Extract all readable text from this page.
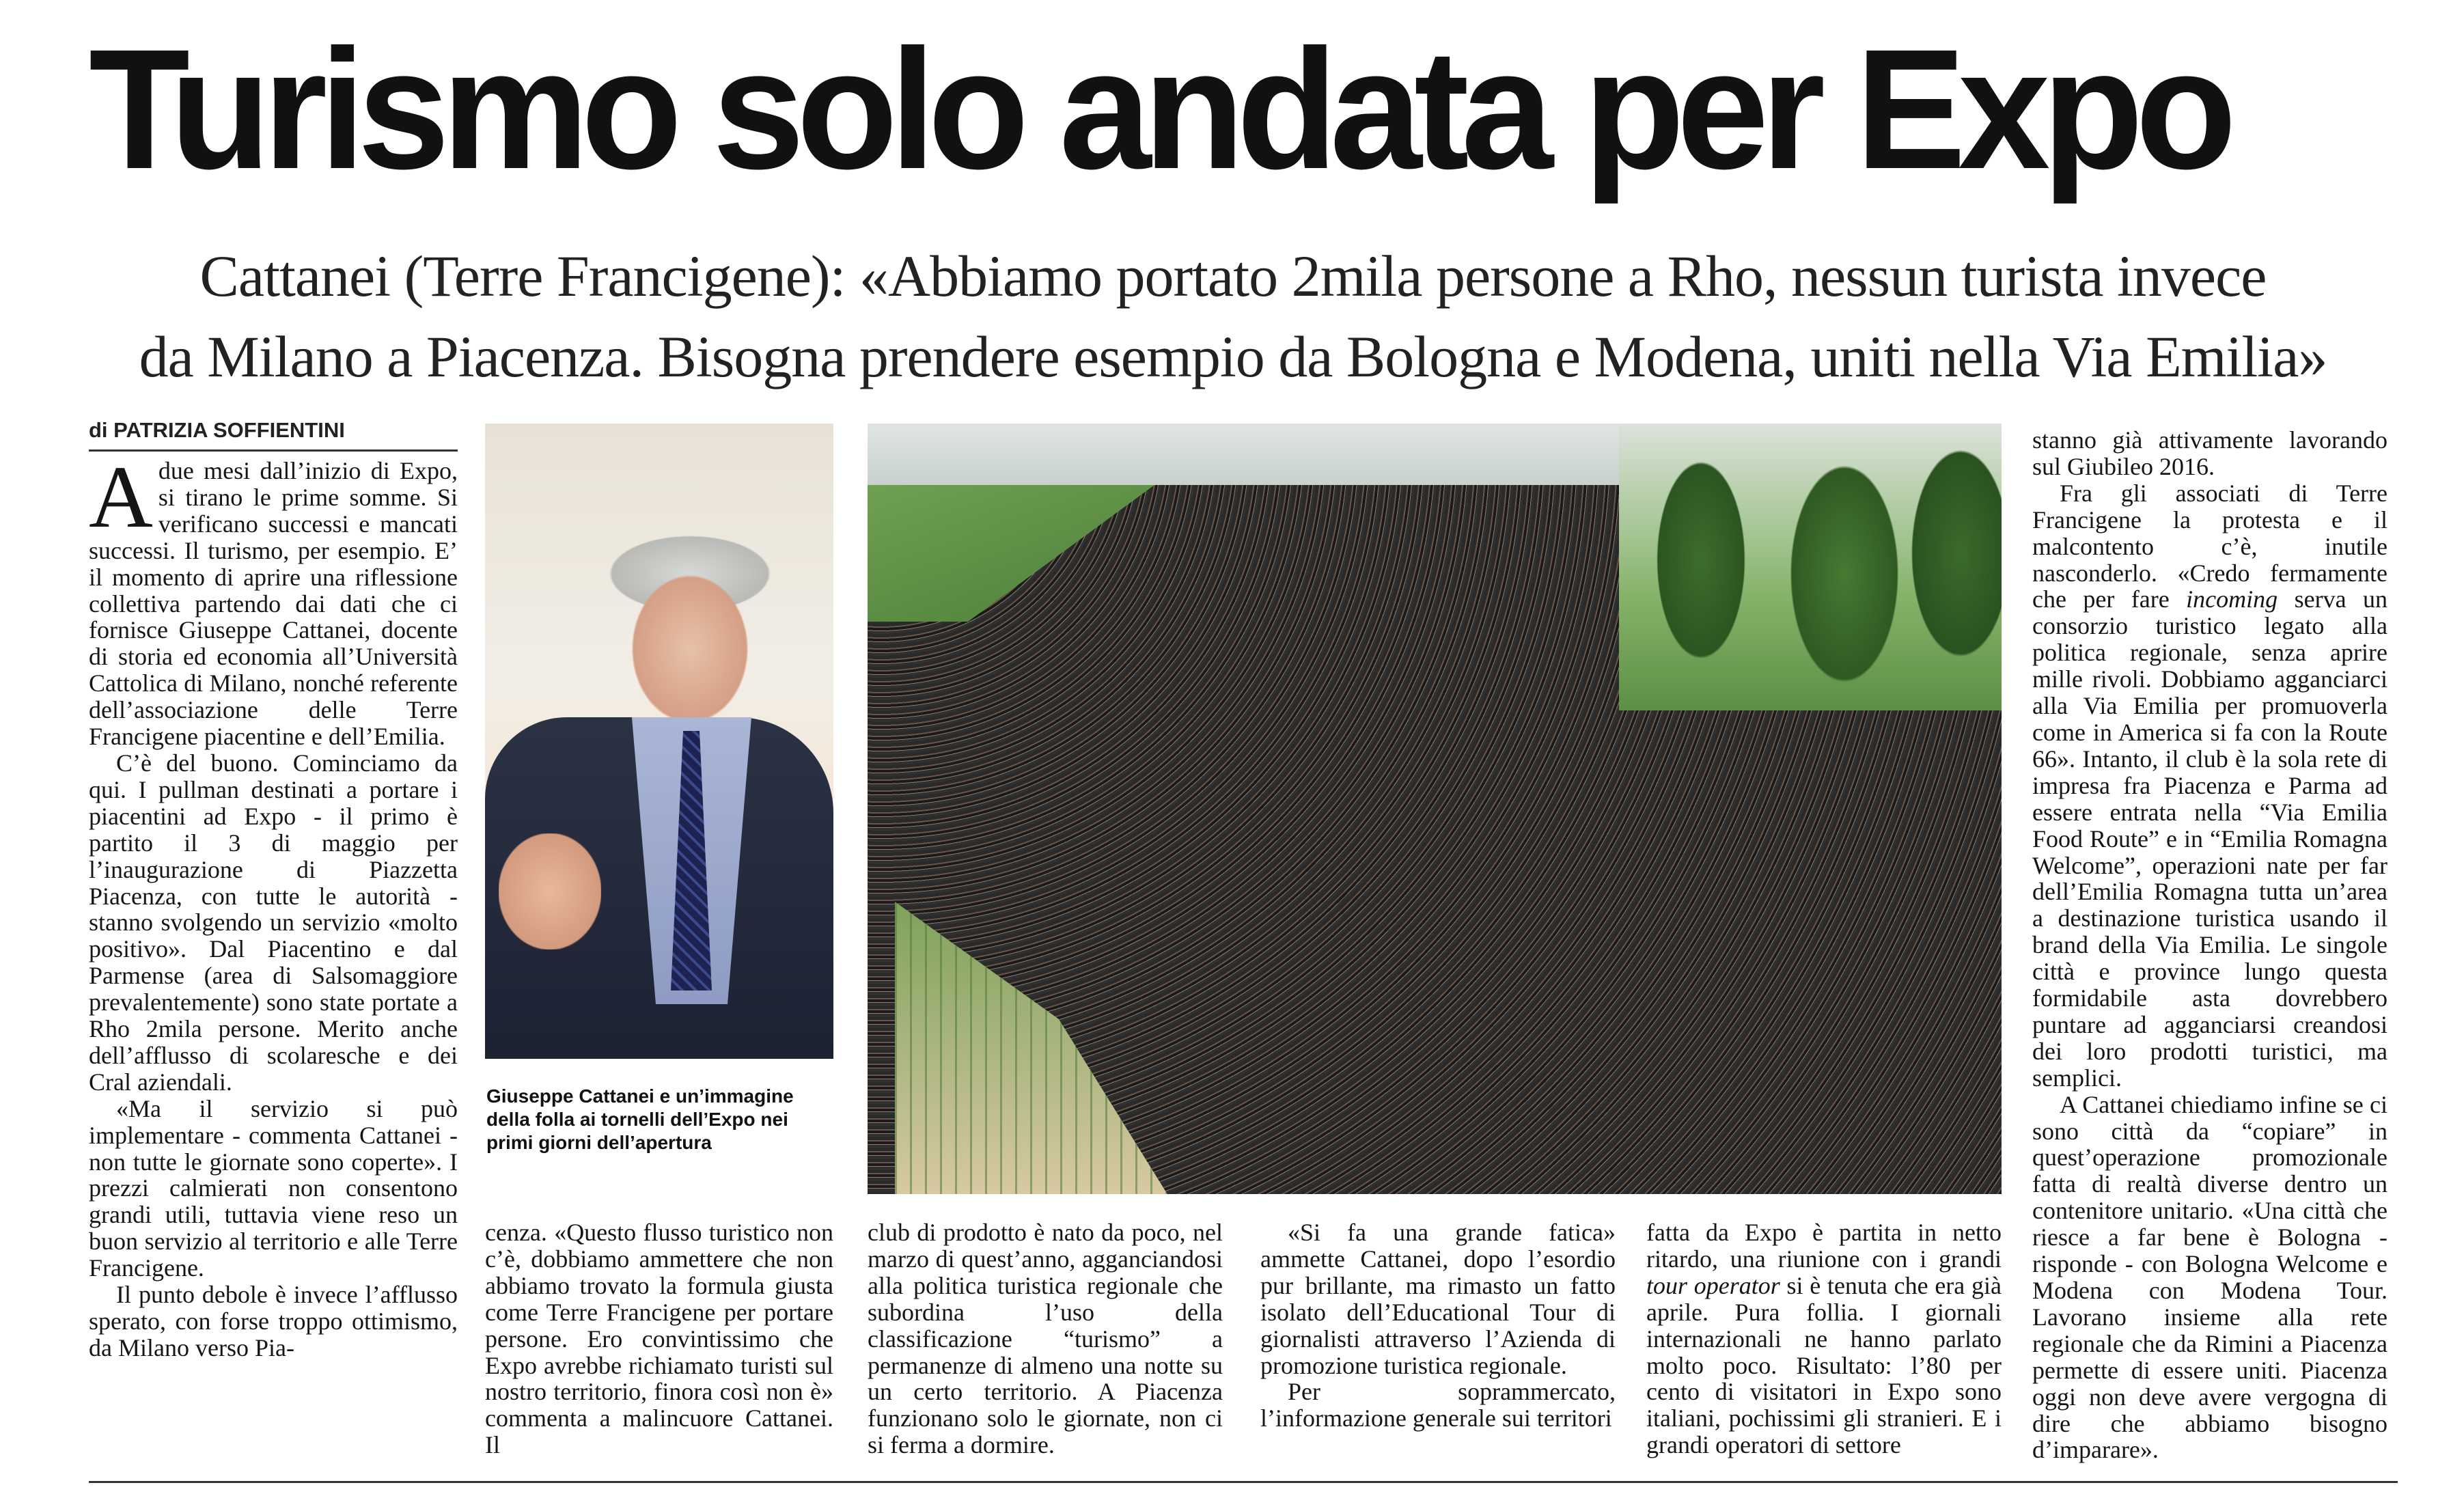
Turismo solo andata per Expo
Cattanei (Terre Francigene): «Abbiamo portato 2mila persone a Rho, nessun turista invece
da Milano a Piacenza. Bisogna prendere esempio da Bologna e Modena, uniti nella Via Emilia»
di PATRIZIA SOFFIENTINI

Adue mesi dall’inizio di Expo, si tirano le prime somme. Si verificano successi e mancati successi. Il turismo, per esempio. E’ il momento di aprire una riflessione collettiva partendo dai dati che ci fornisce Giuseppe Cattanei, docente di storia ed economia all’Università Cattolica di Milano, nonché referente dell’associazione delle Terre Francigene piacentine e dell’Emilia.

C’è del buono. Cominciamo da qui. I pullman destinati a portare i piacentini ad Expo - il primo è partito il 3 di maggio per l’inaugurazione di Piazzetta Piacenza, con tutte le autorità - stanno svolgendo un servizio «molto positivo». Dal Piacentino e dal Parmense (area di Salsomaggiore prevalentemente) sono state portate a Rho 2mila persone. Merito anche dell’afflusso di scolaresche e dei Cral aziendali.

«Ma il servizio si può implementare - commenta Cattanei - non tutte le giornate sono coperte». I prezzi calmierati non consentono grandi utili, tuttavia viene reso un buon servizio al territorio e alle Terre Francigene.

Il punto debole è invece l’afflusso sperato, con forse troppo ottimismo, da Milano verso Pia-

Giuseppe Cattanei e un’immagine della folla ai tornelli dell’Expo nei primi giorni dell’apertura

cenza. «Questo flusso turistico non c’è, dobbiamo ammettere che non abbiamo trovato la formula giusta come Terre Francigene per portare persone. Ero convintissimo che Expo avrebbe richiamato turisti sul nostro territorio, finora così non è» commenta a malincuore Cattanei. Il

club di prodotto è nato da poco, nel marzo di quest’anno, agganciandosi alla politica turistica regionale che subordina l’uso della classificazione “turismo” a permanenze di almeno una notte su un certo territorio. A Piacenza funzionano solo le giornate, non ci si ferma a dormire.

«Si fa una grande fatica» ammette Cattanei, dopo l’esordio pur brillante, ma rimasto un fatto isolato dell’Educational Tour di giornalisti attraverso l’Azienda di promozione turistica regionale.

Per soprammercato, l’informazione generale sui territori

fatta da Expo è partita in netto ritardo, una riunione con i grandi tour operator si è tenuta che era già aprile. Pura follia. I giornali internazionali ne hanno parlato molto poco. Risultato: l’80 per cento di visitatori in Expo sono italiani, pochissimi gli stranieri. E i grandi operatori di settore

stanno già attivamente lavorando sul Giubileo 2016.

Fra gli associati di Terre Francigene la protesta e il malcontento c’è, inutile nasconderlo. «Credo fermamente che per fare incoming serva un consorzio turistico legato alla politica regionale, senza aprire mille rivoli. Dobbiamo agganciarci alla Via Emilia per promuoverla come in America si fa con la Route 66». Intanto, il club è la sola rete di impresa fra Piacenza e Parma ad essere entrata nella “Via Emilia Food Route” e in “Emilia Romagna Welcome”, operazioni nate per far dell’Emilia Romagna tutta un’area a destinazione turistica usando il brand della Via Emilia. Le singole città e province lungo questa formidabile asta dovrebbero puntare ad agganciarsi creandosi dei loro prodotti turistici, ma semplici.

A Cattanei chiediamo infine se ci sono città da “copiare” in quest’operazione promozionale fatta di realtà diverse dentro un contenitore unitario. «Una città che riesce a far bene è Bologna - risponde - con Bologna Welcome e Modena con Modena Tour. Lavorano insieme alla rete regionale che da Rimini a Piacenza permette di essere uniti. Piacenza oggi non deve avere vergogna di dire che abbiamo bisogno d’imparare».
